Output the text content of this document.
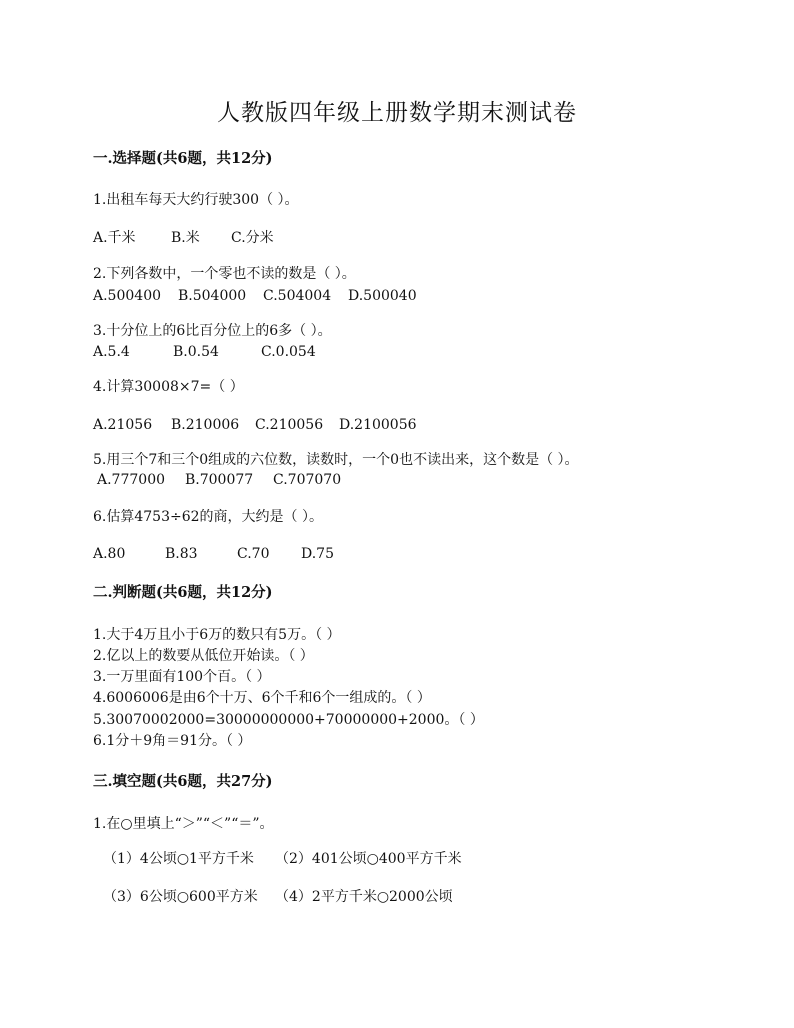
人教版四年级上册数学期末测试卷
一.选择题(共6题，共12分)
1.出租车每天大约行驶300（ ）。
A.千米	B.米 C.分米
2.下列各数中，一个零也不读的数是（ ）。
A.500400 B.504000 C.504004 D.500040
3.十分位上的6比百分位上的6多（ ）。
A.5.4	B.0.54	C.0.054
4.计算30008×7=（ ）
A.21056 B.210006 C.210056 D.2100056
5.用三个7和三个0组成的六位数，读数时，一个0也不读出来，这个数是（ ）。
A.777000 B.700077 C.707070
6.估算4753÷62的商，大约是（ ）。
A.80	B.83	C.70 D.75
二.判断题(共6题，共12分)
1.大于4万且小于6万的数只有5万。（ ）
2.亿以上的数要从低位开始读。（ ）
3.一万里面有100个百。（ ）
4.6006006是由6个十万、6个千和6个一组成的。（ ）
5.30070002000=30000000000+70000000+2000。（ ）
6.1分＋9角＝91分。（ ）
三.填空题(共6题，共27分)
1.在○里填上“＞”“＜”“＝”。
（1）4公顷○1平方千米 （2）401公顷○400平方千米
（3）6公顷○600平方米 （4）2平方千米○2000公顷
